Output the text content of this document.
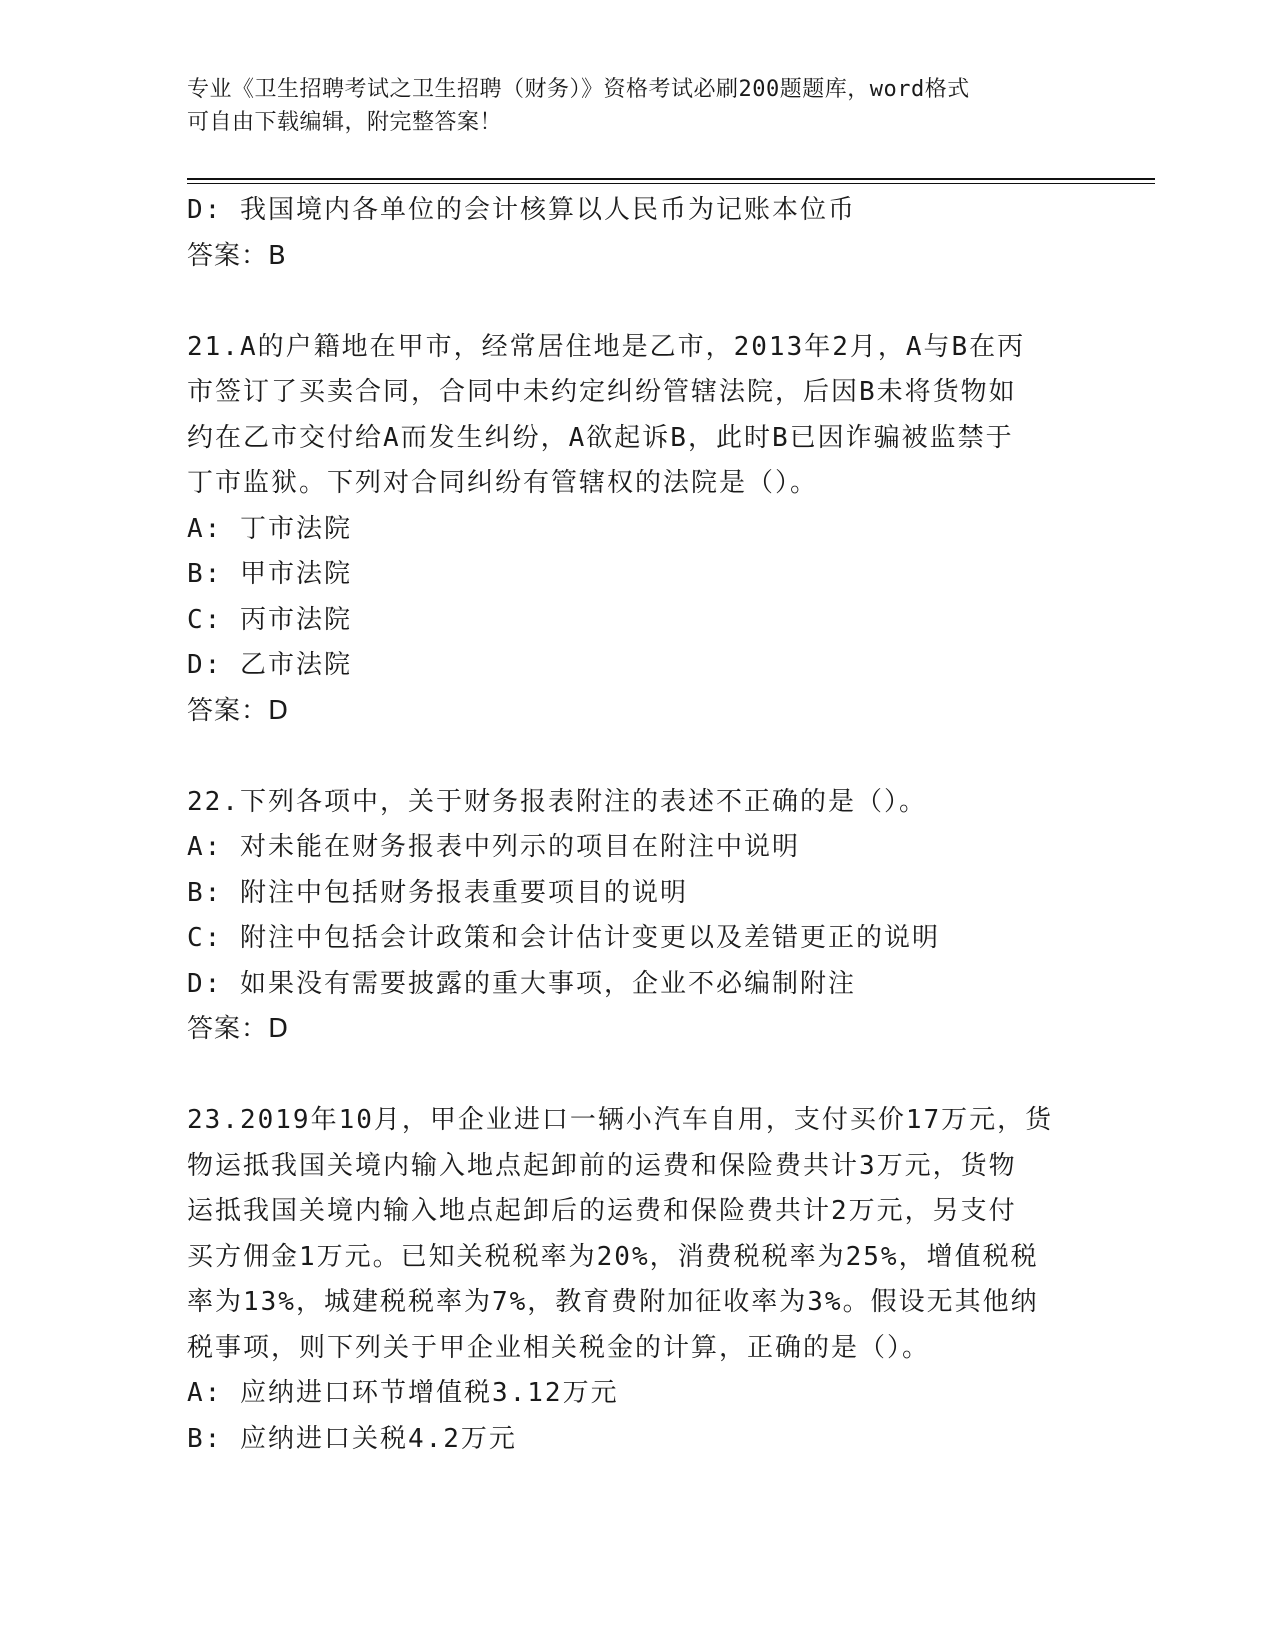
专业《卫生招聘考试之卫生招聘（财务）》资格考试必刷200题题库，word格式
可自由下载编辑，附完整答案！
D: 我国境内各单位的会计核算以人民币为记账本位币
答案：B
21.A的户籍地在甲市，经常居住地是乙市，2013年2月，A与B在丙
市签订了买卖合同，合同中未约定纠纷管辖法院，后因B未将货物如
约在乙市交付给A而发生纠纷，A欲起诉B，此时B已因诈骗被监禁于
丁市监狱。下列对合同纠纷有管辖权的法院是（）。
A: 丁市法院
B: 甲市法院
C: 丙市法院
D: 乙市法院
答案：D
22.下列各项中，关于财务报表附注的表述不正确的是（）。
A: 对未能在财务报表中列示的项目在附注中说明
B: 附注中包括财务报表重要项目的说明
C: 附注中包括会计政策和会计估计变更以及差错更正的说明
D: 如果没有需要披露的重大事项，企业不必编制附注
答案：D
23.2019年10月，甲企业进口一辆小汽车自用，支付买价17万元，货
物运抵我国关境内输入地点起卸前的运费和保险费共计3万元，货物
运抵我国关境内输入地点起卸后的运费和保险费共计2万元，另支付
买方佣金1万元。已知关税税率为20%，消费税税率为25%，增值税税
率为13%，城建税税率为7%，教育费附加征收率为3%。假设无其他纳
税事项，则下列关于甲企业相关税金的计算，正确的是（）。
A: 应纳进口环节增值税3.12万元
B: 应纳进口关税4.2万元
